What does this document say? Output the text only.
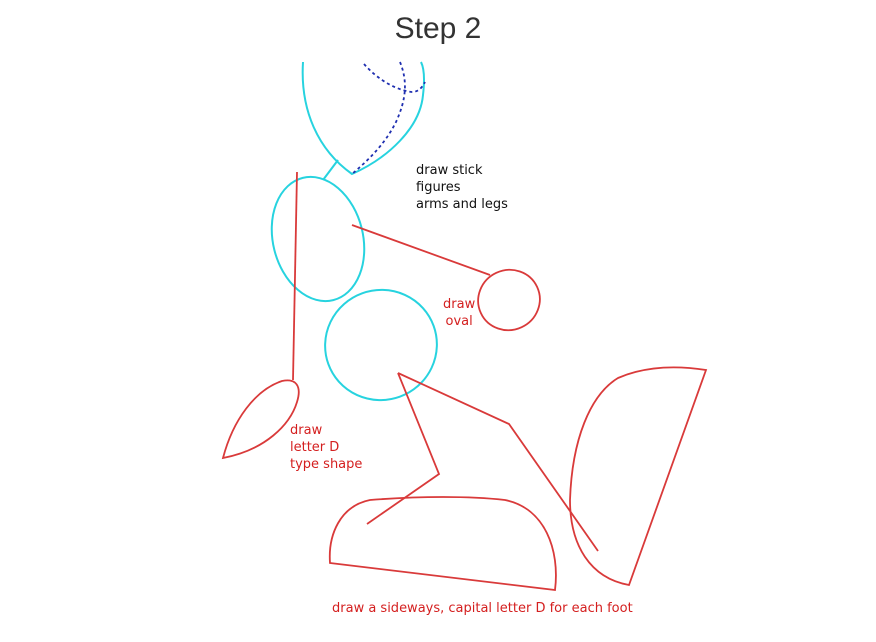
Step 2
draw stick
figures
arms and legs
draw
oval
draw
letter D
type shape
draw a sideways, capital letter D for each foot
